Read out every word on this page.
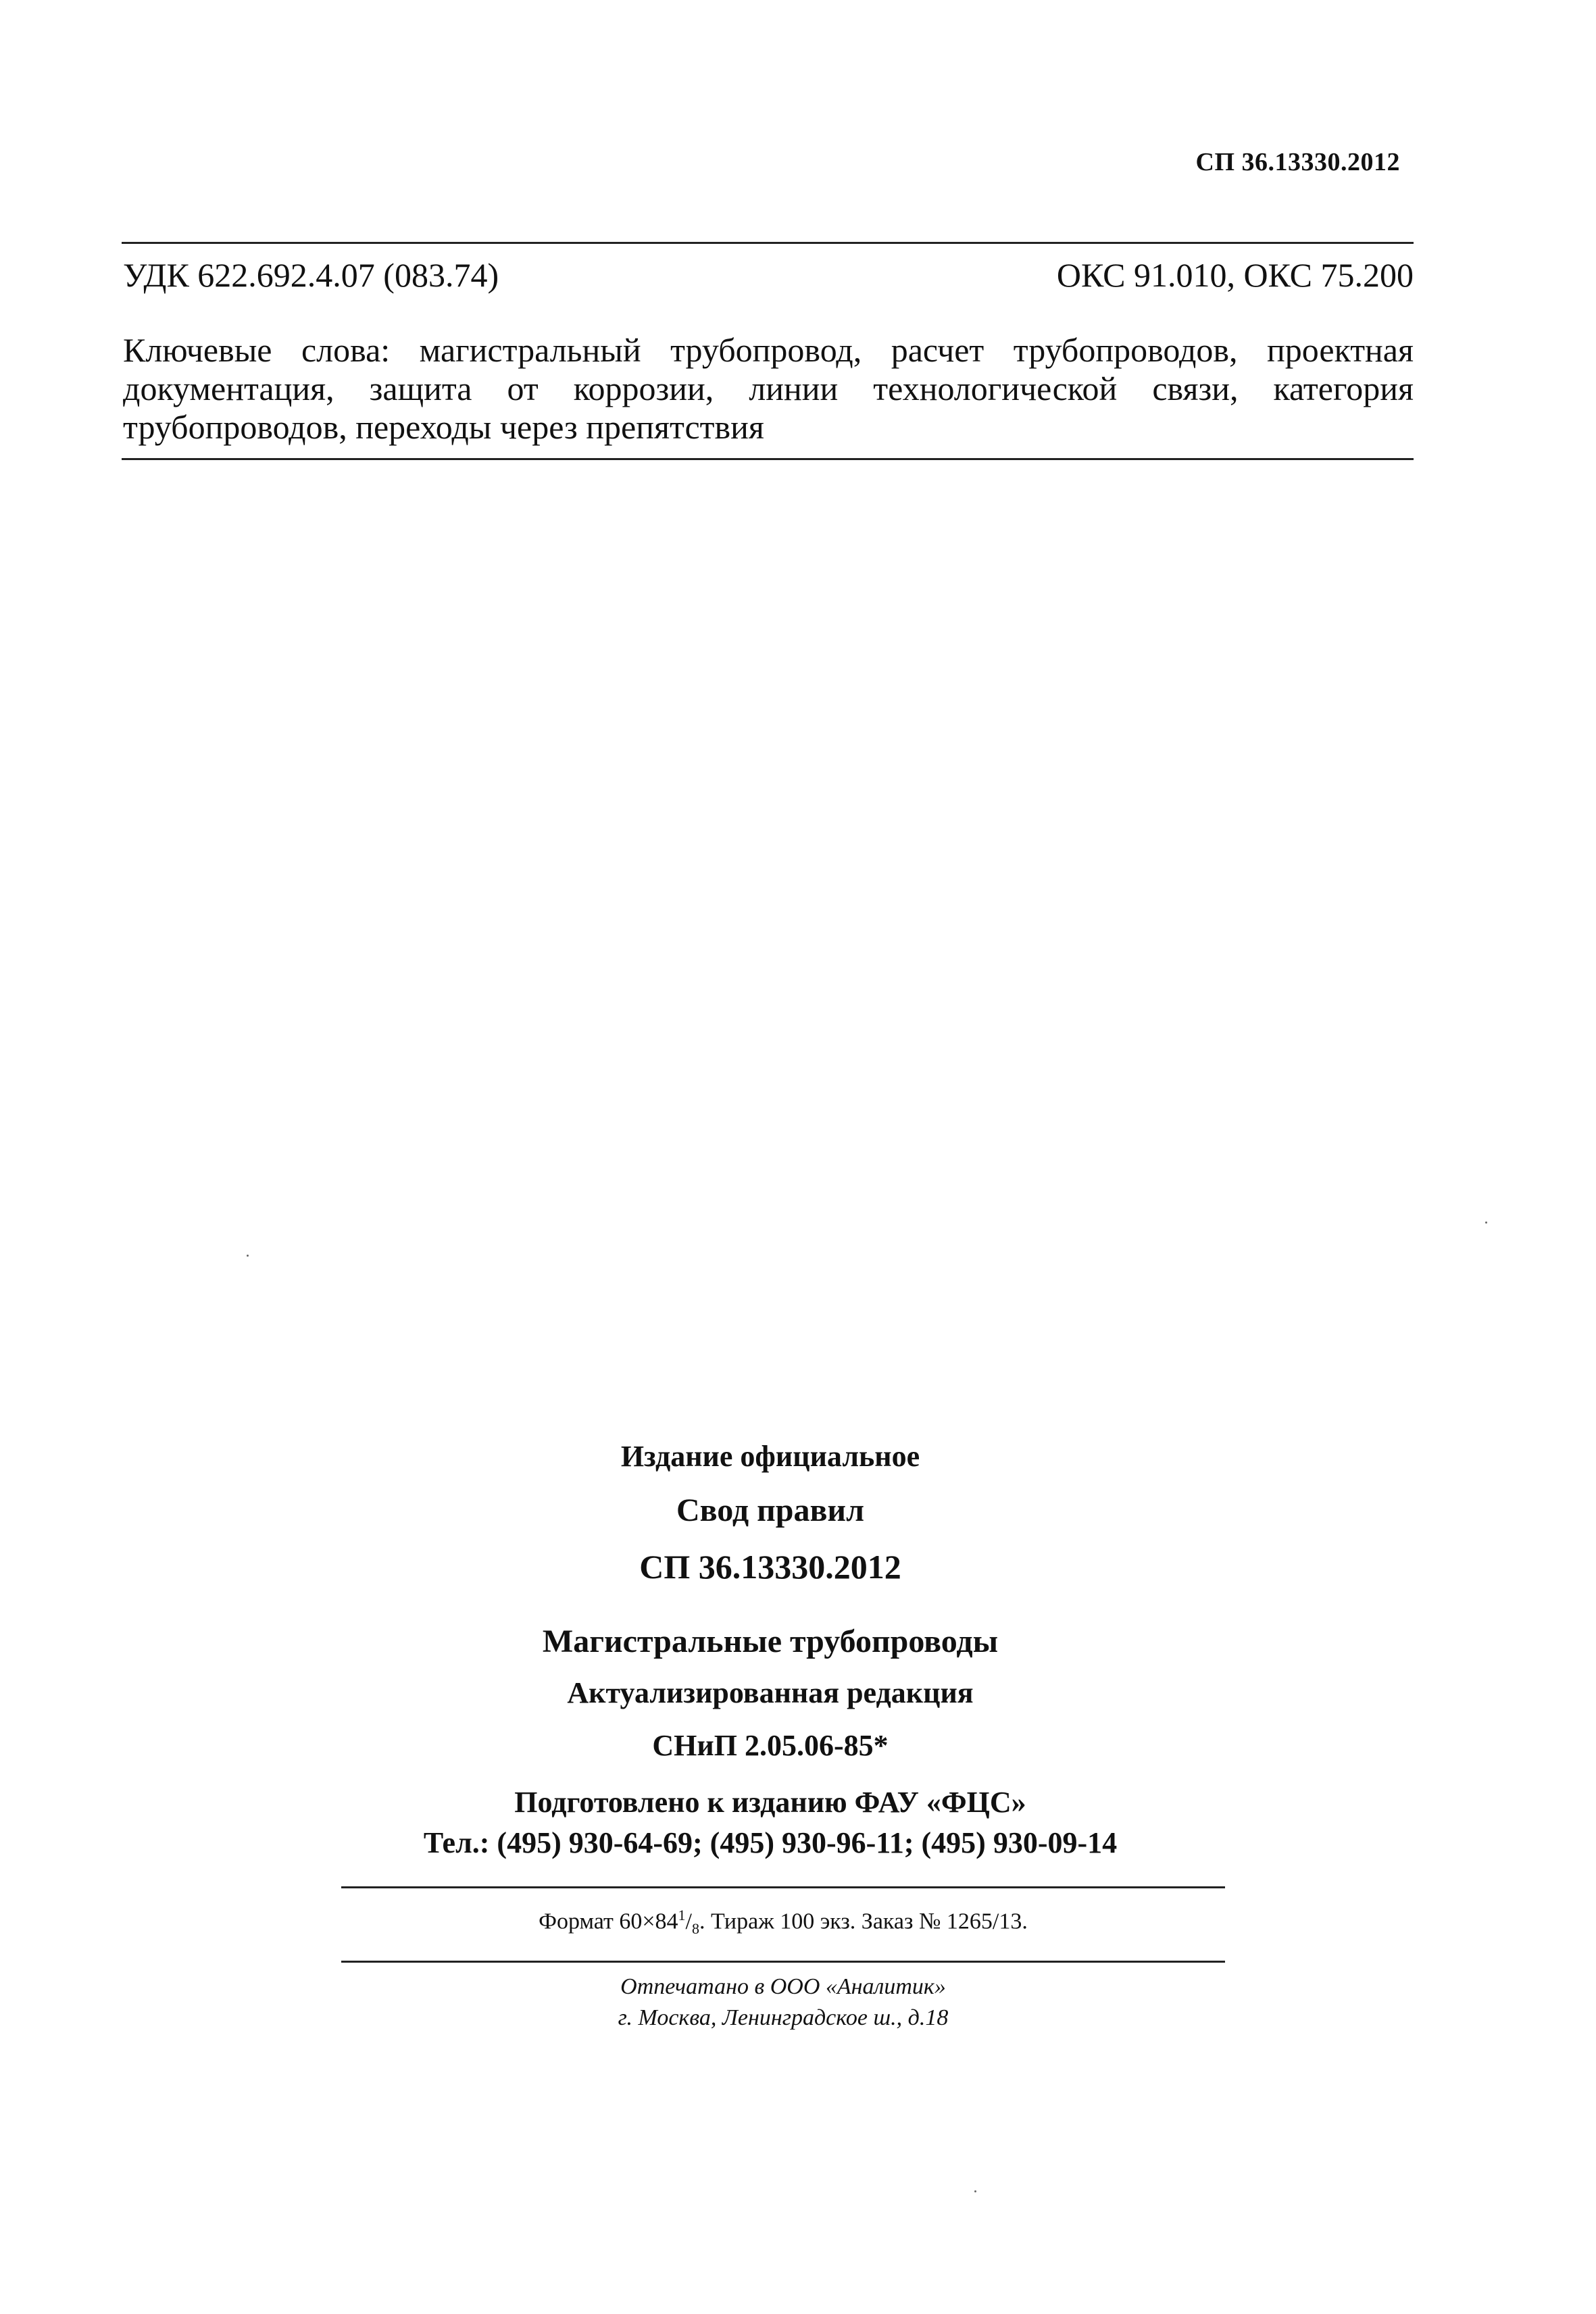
СП 36.13330.2012
УДК 622.692.4.07 (083.74)	ОКС 91.010, ОКС 75.200
Ключевые слова: магистральный трубопровод, расчет трубопроводов, проектная документация, защита от коррозии, линии технологической связи, категория трубопроводов, переходы через препятствия
Издание официальное
Свод правил
СП 36.13330.2012
Магистральные трубопроводы
Актуализированная редакция
СНиП 2.05.06-85*
Подготовлено к изданию ФАУ «ФЦС»
Тел.: (495) 930-64-69; (495) 930-96-11; (495) 930-09-14
Формат $60\times 84^1/_8$. Тираж 100 экз. Заказ № 1265/13.
Отпечатано в ООО «Аналитик»
г. Москва, Ленинградское ш., д.18
